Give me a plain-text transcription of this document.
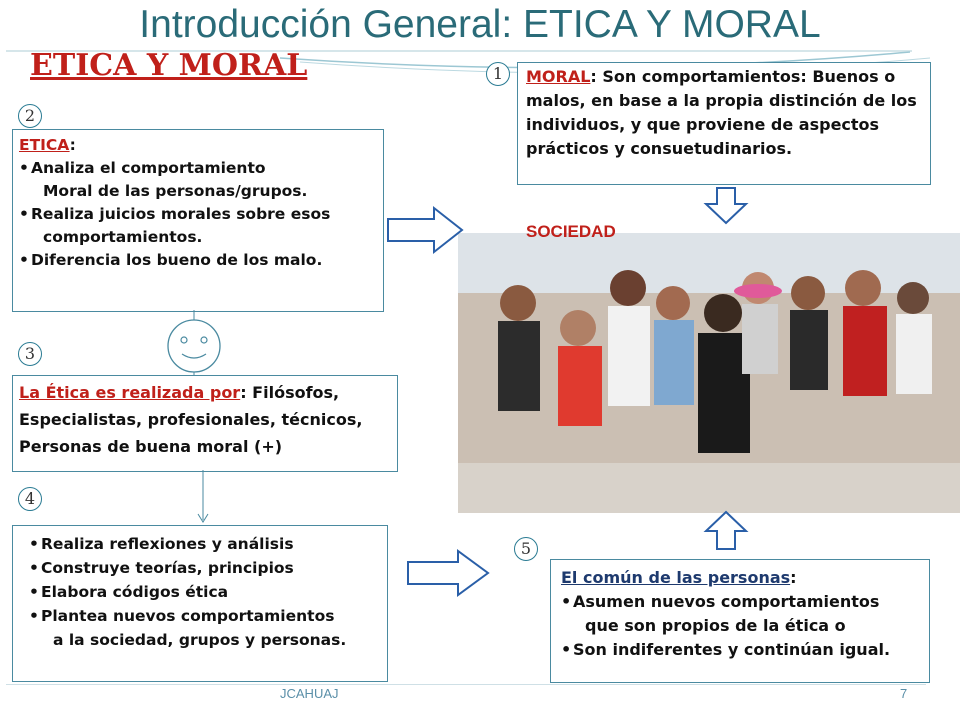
Introducción General: ETICA Y MORAL
ETICA Y MORAL	1
2
3
4
5
MORAL: Son comportamientos: Buenos o malos, en base a la propia distinción de los individuos, y que proviene de aspectos prácticos y consuetudinarios.
ETICA:
• Analiza el comportamiento
Moral de las personas/grupos.
• Realiza juicios morales sobre esos
comportamientos.
• Diferencia los bueno de los malo.
La Ética es realizada por: Filósofos, Especialistas, profesionales, técnicos, Personas de buena moral (+)
• Realiza reflexiones y análisis
• Construye teorías, principios
• Elabora códigos ética
• Plantea nuevos comportamientos
a la sociedad, grupos y personas.
SOCIEDAD
El común de las personas:
• Asumen nuevos comportamientos
que son propios de la ética o
• Son indiferentes y continúan igual.
JCAHUAJ	7
